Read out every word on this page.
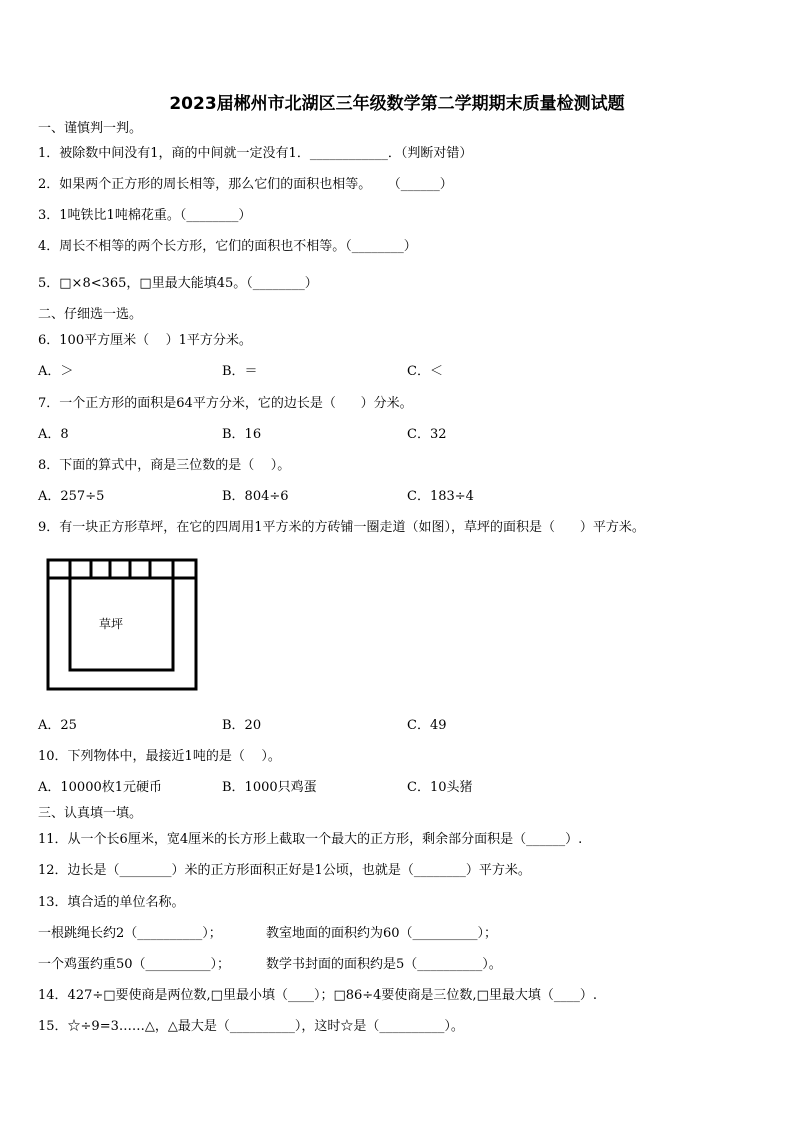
2023届郴州市北湖区三年级数学第二学期期末质量检测试题
一、谨慎判一判。
1．被除数中间没有1，商的中间就一定没有1．____________．（判断对错）
2．如果两个正方形的周长相等，那么它们的面积也相等。    （______）
3．1吨铁比1吨棉花重。（________）
4．周长不相等的两个长方形，它们的面积也不相等。（________）
5．□×8<365，□里最大能填45。（________）
二、仔细选一选。
6．100平方厘米（    ）1平方分米。
A．＞	B．＝	C．＜
7．一个正方形的面积是64平方分米，它的边长是（      ）分米。
A．8	B．16	C．32
8．下面的算式中，商是三位数的是（    ）。
A．257÷5	B．804÷6	C．183÷4
9．有一块正方形草坪，在它的四周用1平方米的方砖铺一圈走道（如图），草坪的面积是（      ）平方米。
草坪
A．25	B．20	C．49
10．下列物体中，最接近1吨的是（    ）。
A．10000枚1元硬币	B．1000只鸡蛋	C．10头猪
三、认真填一填。
11．从一个长6厘米，宽4厘米的长方形上截取一个最大的正方形，剩余部分面积是（______）.
12．边长是（________）米的正方形面积正好是1公顷，也就是（________）平方米。
13．填合适的单位名称。
一根跳绳长约2（__________）；	教室地面的面积约为60（__________）；
一个鸡蛋约重50（__________）；	数学书封面的面积约是5（__________）。
14．427÷□要使商是两位数,□里最小填（____）；□86÷4要使商是三位数,□里最大填（____）.
15．☆÷9=3……△，△最大是（__________），这时☆是（__________）。
